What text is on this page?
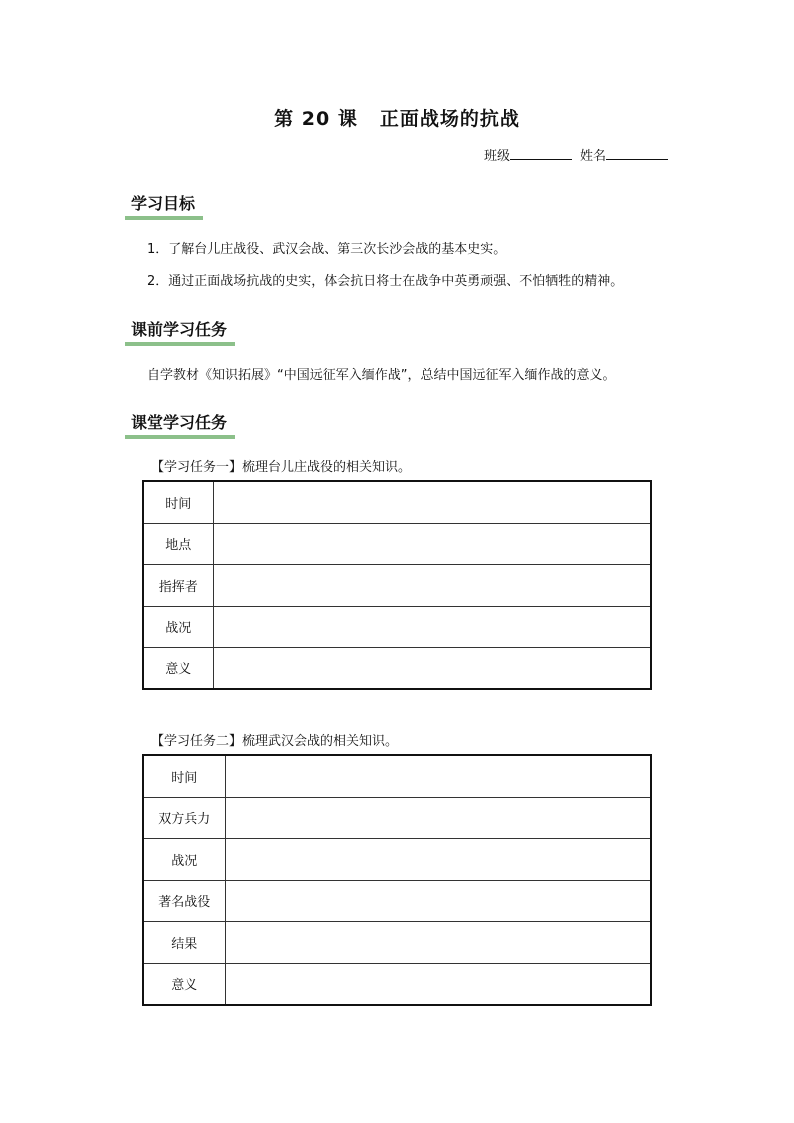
第 20 课 正面战场的抗战
班级	姓名
学习目标
1．了解台儿庄战役、武汉会战、第三次长沙会战的基本史实。
2．通过正面战场抗战的史实，体会抗日将士在战争中英勇顽强、不怕牺牲的精神。
课前学习任务
自学教材《知识拓展》“中国远征军入缅作战”，总结中国远征军入缅作战的意义。
课堂学习任务
【学习任务一】梳理台儿庄战役的相关知识。
时间	
地点	
指挥者	
战况	
意义	
【学习任务二】梳理武汉会战的相关知识。
时间	
双方兵力	
战况	
著名战役	
结果	
意义	
